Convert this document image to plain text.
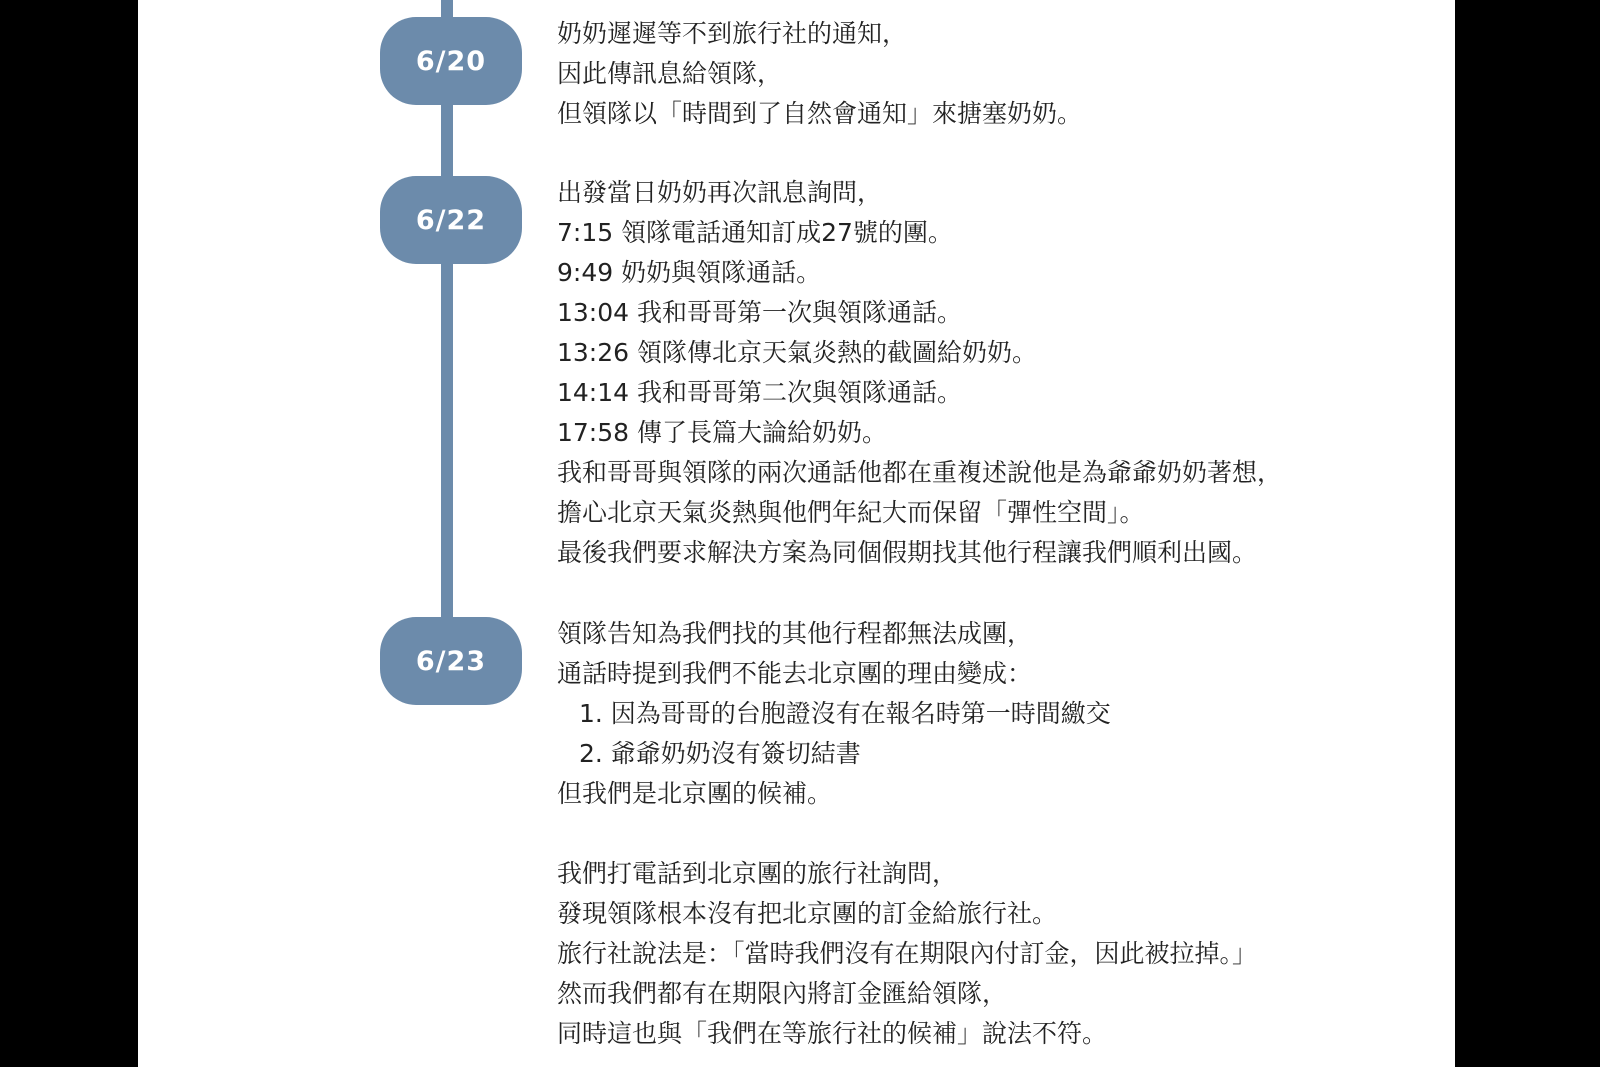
6/20
奶奶遲遲等不到旅行社的通知，
因此傳訊息給領隊，
但領隊以「時間到了自然會通知」來搪塞奶奶。
6/22
出發當日奶奶再次訊息詢問，
7:15 領隊電話通知訂成27號的團。
9:49 奶奶與領隊通話。
13:04 我和哥哥第一次與領隊通話。
13:26 領隊傳北京天氣炎熱的截圖給奶奶。
14:14 我和哥哥第二次與領隊通話。
17:58 傳了長篇大論給奶奶。
我和哥哥與領隊的兩次通話他都在重複述說他是為爺爺奶奶著想，
擔心北京天氣炎熱與他們年紀大而保留「彈性空間」。
最後我們要求解決方案為同個假期找其他行程讓我們順利出國。
6/23
領隊告知為我們找的其他行程都無法成團，
通話時提到我們不能去北京團的理由變成：
1. 因為哥哥的台胞證沒有在報名時第一時間繳交
2. 爺爺奶奶沒有簽切結書
但我們是北京團的候補。
我們打電話到北京團的旅行社詢問，
發現領隊根本沒有把北京團的訂金給旅行社。
旅行社說法是：「當時我們沒有在期限內付訂金，因此被拉掉。」
然而我們都有在期限內將訂金匯給領隊，
同時這也與「我們在等旅行社的候補」說法不符。
